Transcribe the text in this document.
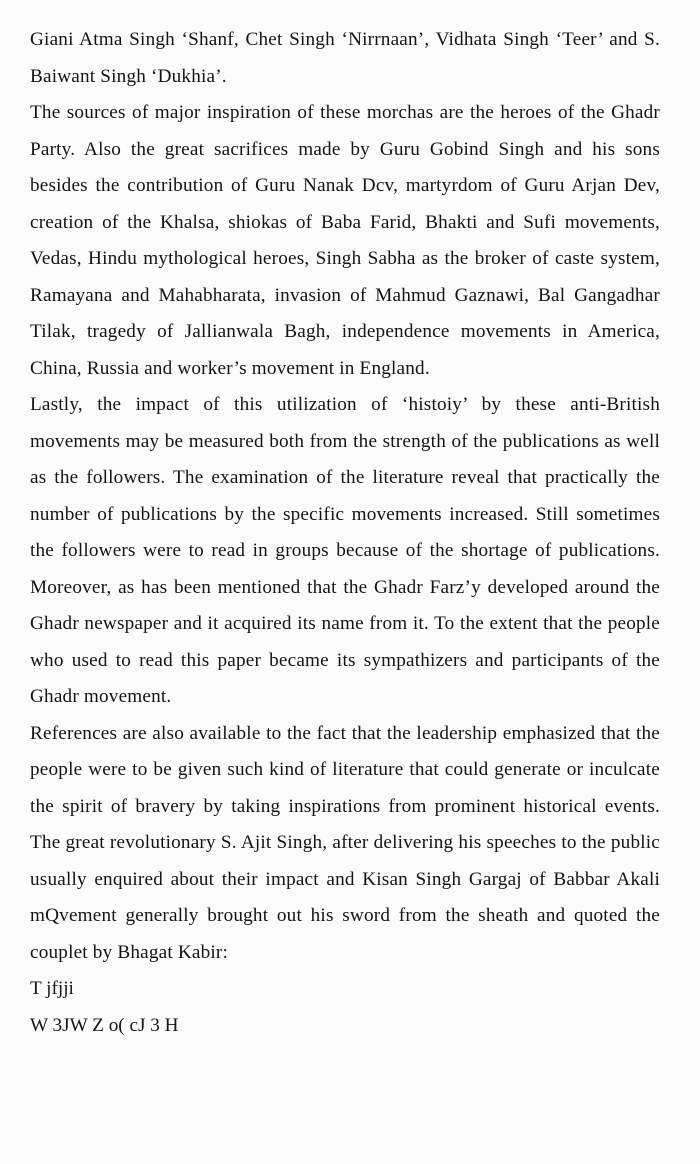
Giani Atma Singh ‘Shanf, Chet Singh ‘Nirrnaan’, Vidhata Singh ‘Teer’ and S. Baiwant Singh ‘Dukhia’.

The sources of major inspiration of these morchas are the heroes of the Ghadr Party. Also the great sacrifices made by Guru Gobind Singh and his sons besides the contribution of Guru Nanak Dcv, martyrdom of Guru Arjan Dev, creation of the Khalsa, shiokas of Baba Farid, Bhakti and Sufi movements, Vedas, Hindu mythological heroes, Singh Sabha as the broker of caste system, Ramayana and Mahabharata, invasion of Mahmud Gaznawi, Bal Gangadhar Tilak, tragedy of Jallianwala Bagh, independence movements in America, China, Russia and worker’s movement in England.

Lastly, the impact of this utilization of ‘histoiy’ by these anti-British movements may be measured both from the strength of the publications as well as the followers. The examination of the literature reveal that practically the number of publications by the specific movements increased. Still sometimes the followers were to read in groups because of the shortage of publications. Moreover, as has been mentioned that the Ghadr Farz’y developed around the Ghadr newspaper and it acquired its name from it. To the extent that the people who used to read this paper became its sympathizers and participants of the Ghadr movement.

References are also available to the fact that the leadership emphasized that the people were to be given such kind of literature that could generate or inculcate the spirit of bravery by taking inspirations from prominent historical events. The great revolutionary S. Ajit Singh, after delivering his speeches to the public usually enquired about their impact and Kisan Singh Gargaj of Babbar Akali mQvement generally brought out his sword from the sheath and quoted the couplet by Bhagat Kabir:

T jfjji

W 3JW Z o( cJ 3 H
